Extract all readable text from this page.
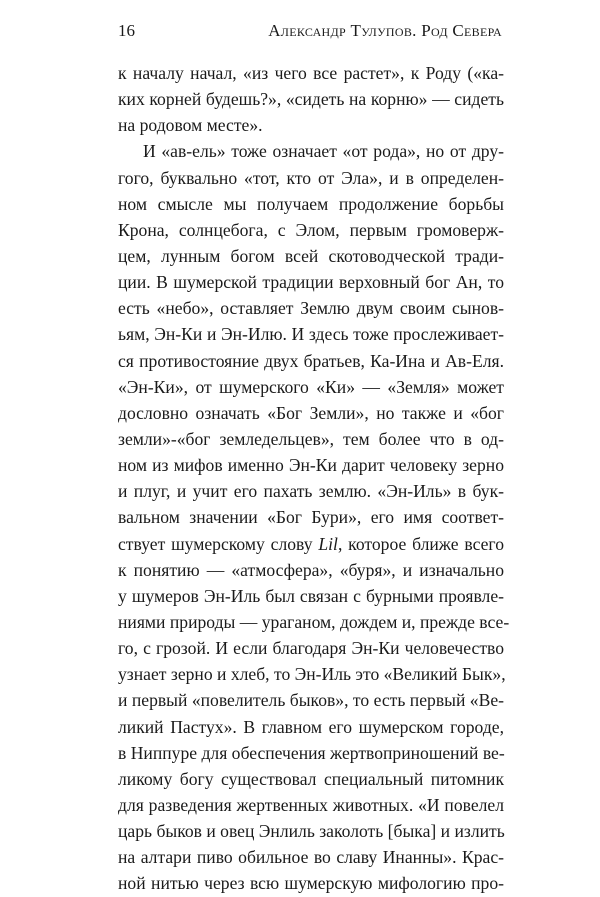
16	Александр Тулупов. Род Севера
к началу начал, «из чего все растет», к Роду («ка-
ких корней будешь?», «сидеть на корню» — сидеть
на родовом месте».
И «ав-ель» тоже означает «от рода», но от дру-
гого, буквально «тот, кто от Эла», и в определен-
ном смысле мы получаем продолжение борьбы
Крона, солнцебога, с Элом, первым громоверж-
цем, лунным богом всей скотоводческой тради-
ции. В шумерской традиции верховный бог Ан, то
есть «небо», оставляет Землю двум своим сынов-
ьям, Эн-Ки и Эн-Илю. И здесь тоже прослеживает-
ся противостояние двух братьев, Ка-Ина и Ав-Еля.
«Эн-Ки», от шумерского «Ки» — «Земля» может
дословно означать «Бог Земли», но также и «бог
земли»-«бог земледельцев», тем более что в од-
ном из мифов именно Эн-Ки дарит человеку зерно
и плуг, и учит его пахать землю. «Эн-Иль» в бук-
вальном значении «Бог Бури», его имя соответ-
ствует шумерскому слову Lil, которое ближе всего
к понятию — «атмосфера», «буря», и изначально
у шумеров Эн-Иль был связан с бурными проявле-
ниями природы — ураганом, дождем и, прежде все-
го, с грозой. И если благодаря Эн-Ки человечество
узнает зерно и хлеб, то Эн-Иль это «Великий Бык»,
и первый «повелитель быков», то есть первый «Ве-
ликий Пастух». В главном его шумерском городе,
в Ниппуре для обеспечения жертвоприношений ве-
ликому богу существовал специальный питомник
для разведения жертвенных животных. «И повелел
царь быков и овец Энлиль заколоть [быка] и излить
на алтари пиво обильное во славу Инанны». Крас-
ной нитью через всю шумерскую мифологию про-
